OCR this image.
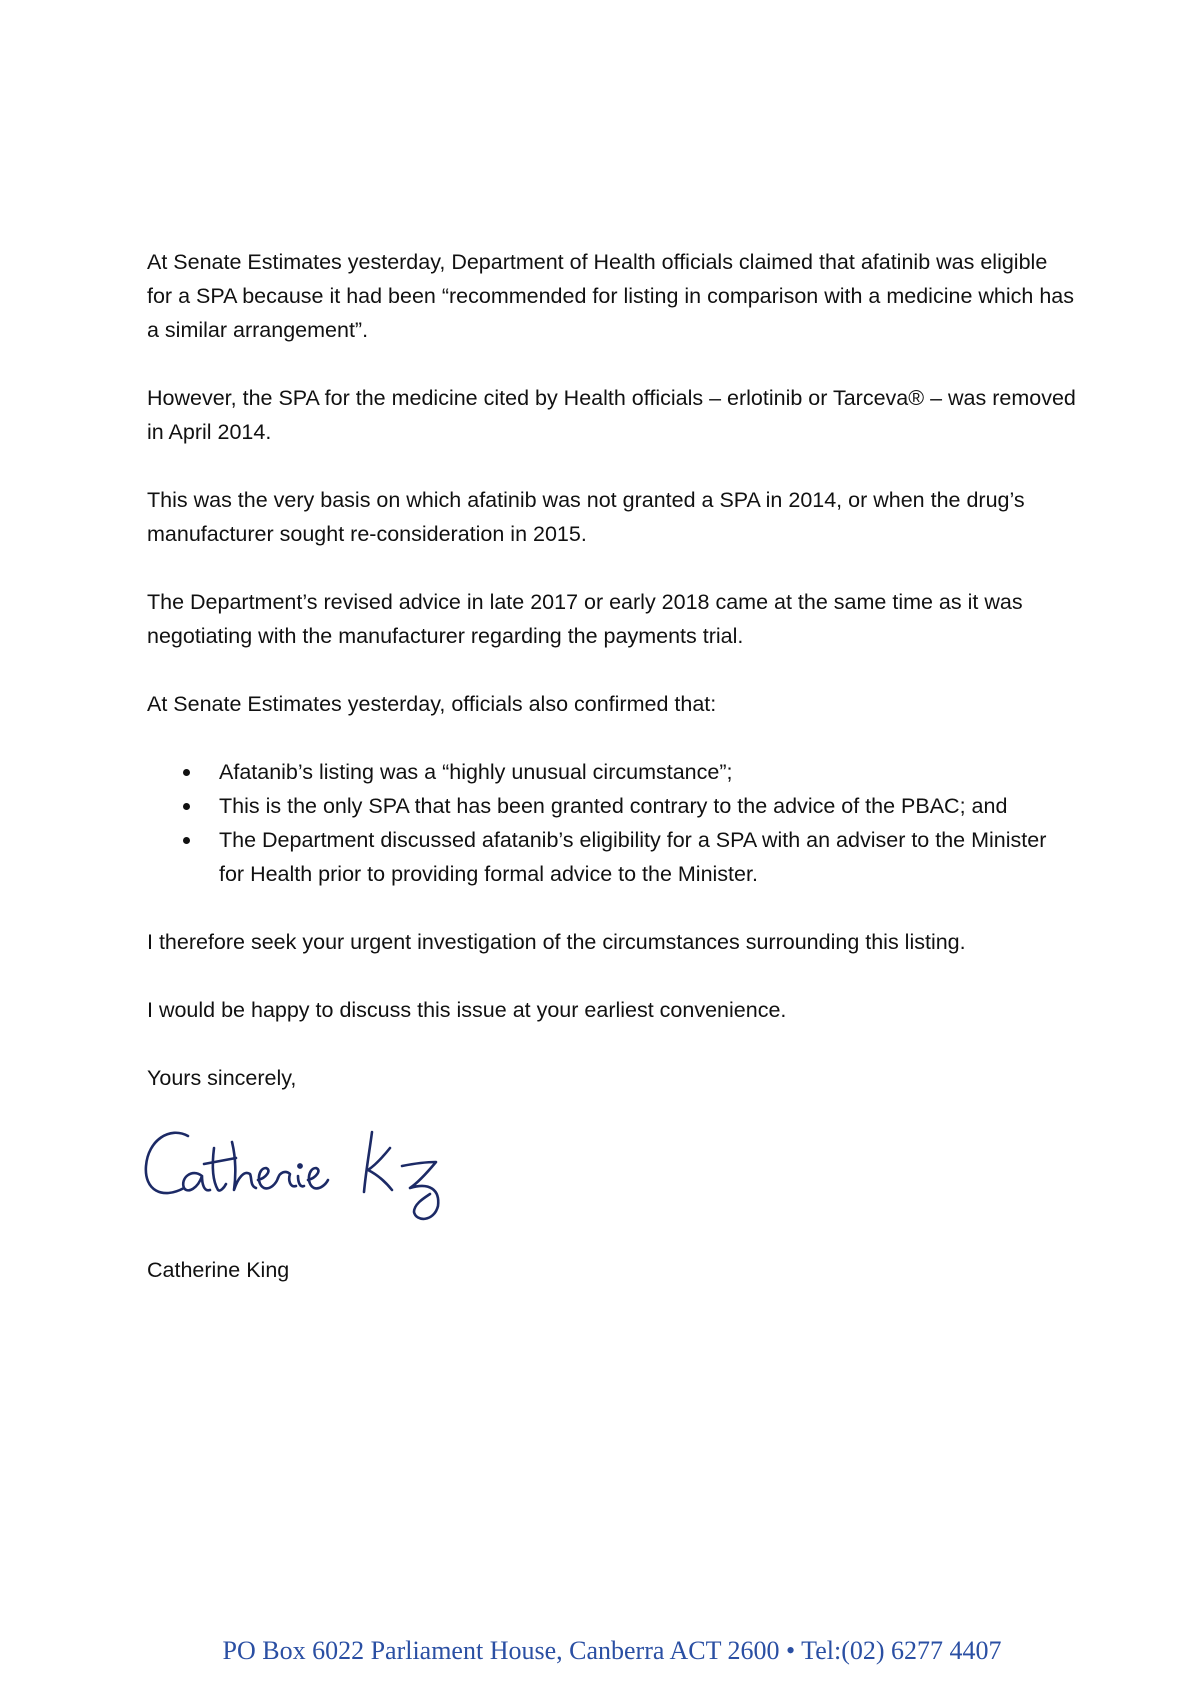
At Senate Estimates yesterday, Department of Health officials claimed that afatinib was eligible for a SPA because it had been “recommended for listing in comparison with a medicine which has a similar arrangement”.

However, the SPA for the medicine cited by Health officials – erlotinib or Tarceva® – was removed in April 2014.

This was the very basis on which afatinib was not granted a SPA in 2014, or when the drug’s manufacturer sought re-consideration in 2015.

The Department’s revised advice in late 2017 or early 2018 came at the same time as it was negotiating with the manufacturer regarding the payments trial.

At Senate Estimates yesterday, officials also confirmed that:

Afatanib’s listing was a “highly unusual circumstance”;
This is the only SPA that has been granted contrary to the advice of the PBAC; and
The Department discussed afatanib’s eligibility for a SPA with an adviser to the Minister for Health prior to providing formal advice to the Minister.

I therefore seek your urgent investigation of the circumstances surrounding this listing.

I would be happy to discuss this issue at your earliest convenience.

Yours sincerely,

Catherine King
PO Box 6022 Parliament House, Canberra ACT 2600 • Tel:(02) 6277 4407
